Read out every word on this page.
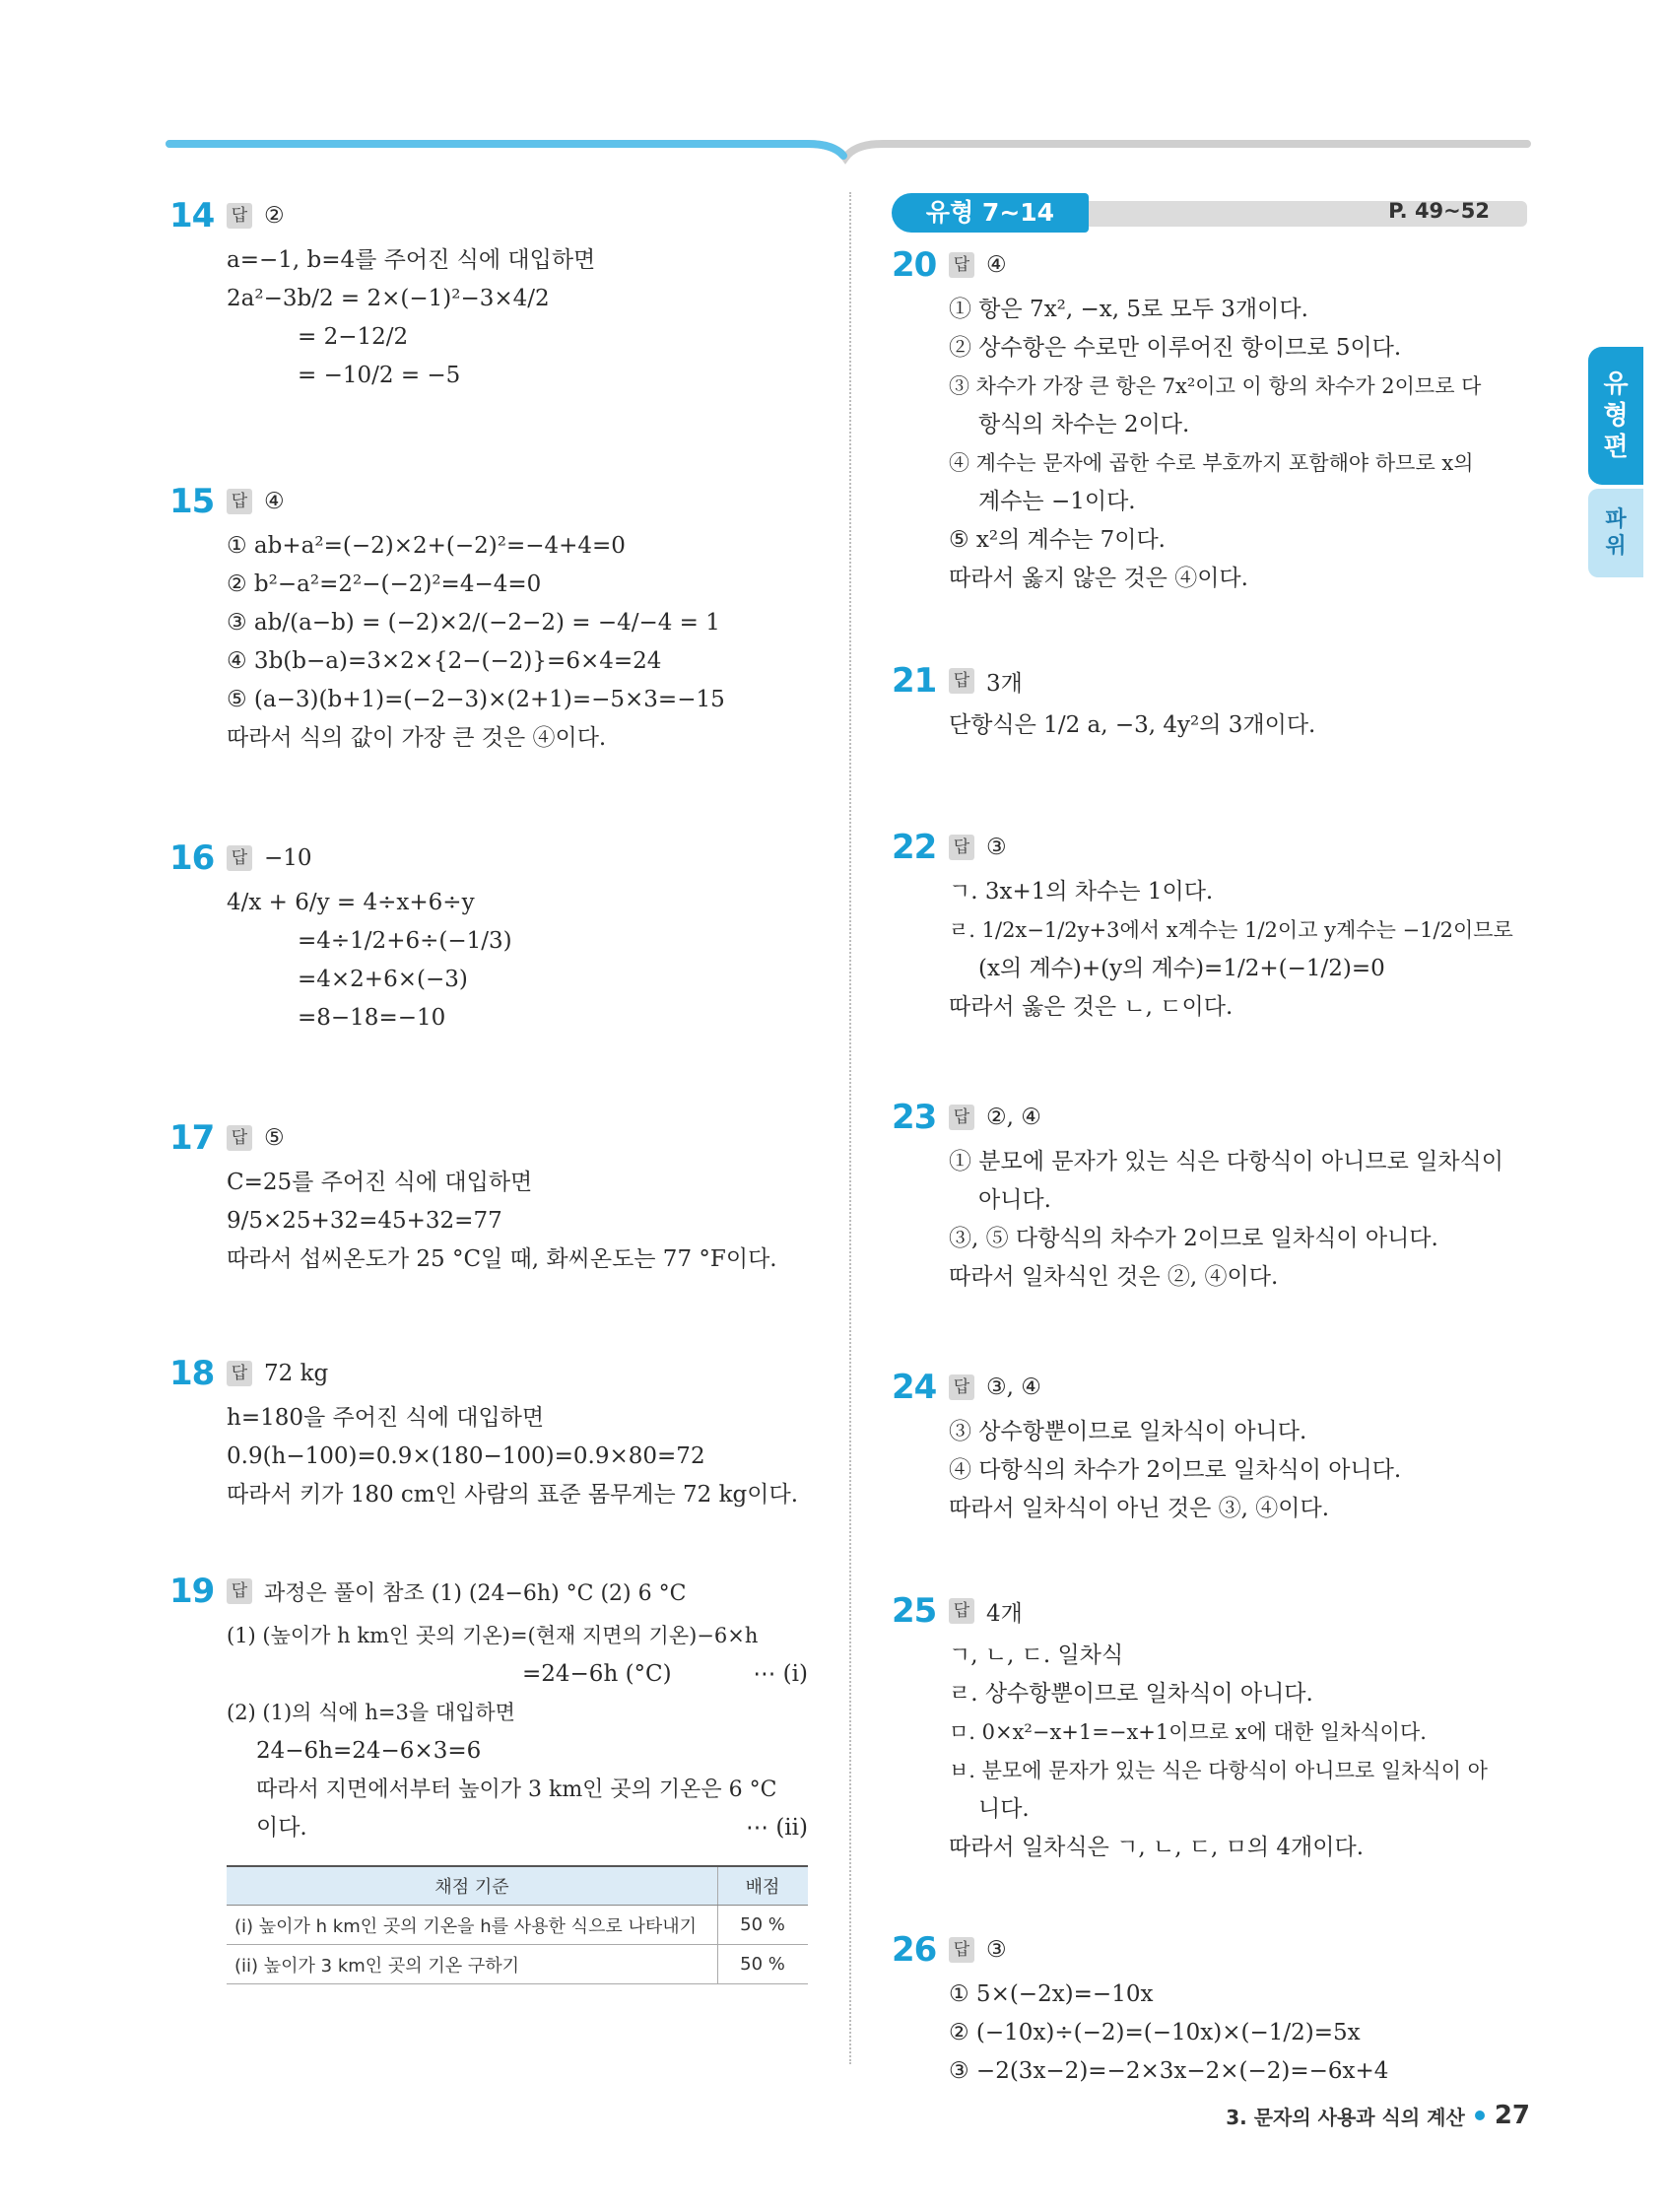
14	답 ②
a=−1, b=4를 주어진 식에 대입하면
2a²−3b/2 = 2×(−1)²−3×4/2
= 2−12/2
= −10/2 = −5
15	답 ④
① ab+a²=(−2)×2+(−2)²=−4+4=0
② b²−a²=2²−(−2)²=4−4=0
③ ab/(a−b) = (−2)×2/(−2−2) = −4/−4 = 1
④ 3b(b−a)=3×2×{2−(−2)}=6×4=24
⑤ (a−3)(b+1)=(−2−3)×(2+1)=−5×3=−15
따라서 식의 값이 가장 큰 것은 ④이다.
16	답 −10
4/x + 6/y = 4÷x+6÷y
=4÷1/2+6÷(−1/3)
=4×2+6×(−3)
=8−18=−10
17	답 ⑤
C=25를 주어진 식에 대입하면
9/5×25+32=45+32=77
따라서 섭씨온도가 25 °C일 때, 화씨온도는 77 °F이다.
18	답 72 kg
h=180을 주어진 식에 대입하면
0.9(h−100)=0.9×(180−100)=0.9×80=72
따라서 키가 180 cm인 사람의 표준 몸무게는 72 kg이다.
19	답 과정은 풀이 참조 (1) (24−6h) °C (2) 6 °C
(1) (높이가 h km인 곳의 기온)=(현재 지면의 기온)−6×h
=24−6h (°C)	⋯ (i)
(2) (1)의 식에 h=3을 대입하면
24−6h=24−6×3=6
따라서 지면에서부터 높이가 3 km인 곳의 기온은 6 °C
이다.	⋯ (ii)
채점 기준	배점
(i) 높이가 h km인 곳의 기온을 h를 사용한 식으로 나타내기	50 %
(ii) 높이가 3 km인 곳의 기온 구하기	50 %
유형 7~14	P. 49~52
유
형
편
파
위
20	답 ④
① 항은 7x², −x, 5로 모두 3개이다.
② 상수항은 수로만 이루어진 항이므로 5이다.
③ 차수가 가장 큰 항은 7x²이고 이 항의 차수가 2이므로 다
항식의 차수는 2이다.
④ 계수는 문자에 곱한 수로 부호까지 포함해야 하므로 x의
계수는 −1이다.
⑤ x²의 계수는 7이다.
따라서 옳지 않은 것은 ④이다.
21	답 3개
단항식은 1/2 a, −3, 4y²의 3개이다.
22	답 ③
ㄱ. 3x+1의 차수는 1이다.
ㄹ. 1/2x−1/2y+3에서 x계수는 1/2이고 y계수는 −1/2이므로
(x의 계수)+(y의 계수)=1/2+(−1/2)=0
따라서 옳은 것은 ㄴ, ㄷ이다.
23	답 ②, ④
① 분모에 문자가 있는 식은 다항식이 아니므로 일차식이
아니다.
③, ⑤ 다항식의 차수가 2이므로 일차식이 아니다.
따라서 일차식인 것은 ②, ④이다.
24	답 ③, ④
③ 상수항뿐이므로 일차식이 아니다.
④ 다항식의 차수가 2이므로 일차식이 아니다.
따라서 일차식이 아닌 것은 ③, ④이다.
25	답 4개
ㄱ, ㄴ, ㄷ. 일차식
ㄹ. 상수항뿐이므로 일차식이 아니다.
ㅁ. 0×x²−x+1=−x+1이므로 x에 대한 일차식이다.
ㅂ. 분모에 문자가 있는 식은 다항식이 아니므로 일차식이 아
니다.
따라서 일차식은 ㄱ, ㄴ, ㄷ, ㅁ의 4개이다.
26	답 ③
① 5×(−2x)=−10x
② (−10x)÷(−2)=(−10x)×(−1/2)=5x
③ −2(3x−2)=−2×3x−2×(−2)=−6x+4
3. 문자의 사용과 식의 계산 27
